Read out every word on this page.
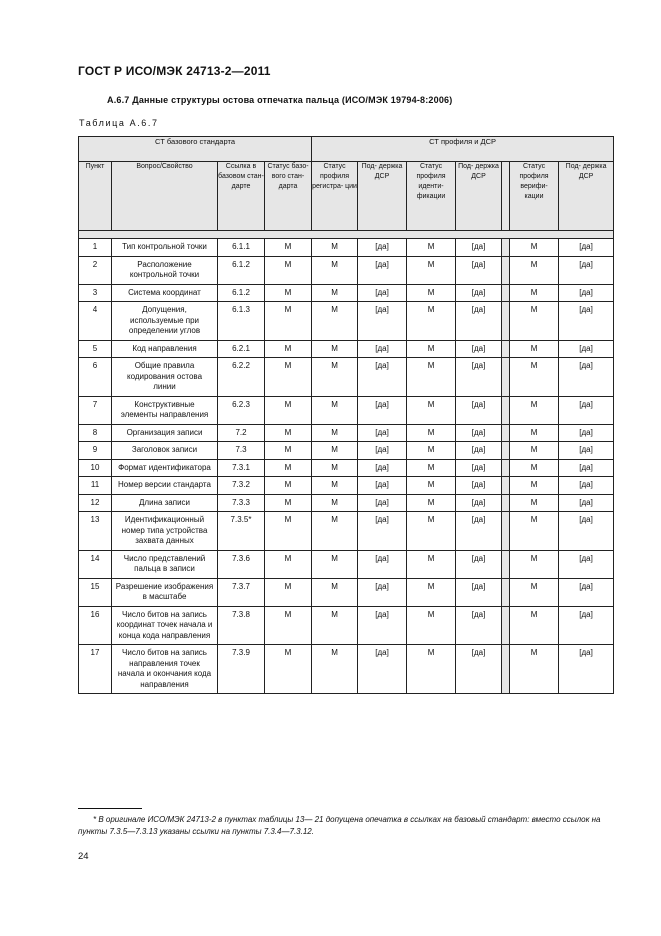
ГОСТ Р ИСО/МЭК 24713-2—2011
А.6.7 Данные структуры остова отпечатка пальца (ИСО/МЭК 19794-8:2006)
Таблица А.6.7
СТ базового стандарта				СТ профиля и ДСР						
Пункт	Вопрос/Свойство	Ссылка в базовом стан- дарте	Статус базо- вого стан- дарта	Статус профиля регистра- ции	Под- держка ДСР	Статус профиля иденти- фикации	Под- держка ДСР		Статус профиля верифи- кации	Под- держка ДСР

1	Тип контрольной точки	6.1.1	M	M	[да]	M	[да]		M	[да]
2	Расположение контрольной точки	6.1.2	M	M	[да]	M	[да]		M	[да]
3	Система координат	6.1.2	M	M	[да]	M	[да]		M	[да]
4	Допущения, используемые при определении углов	6.1.3	M	M	[да]	M	[да]		M	[да]
5	Код направления	6.2.1	M	M	[да]	M	[да]		M	[да]
6	Общие правила кодирования остова линии	6.2.2	M	M	[да]	M	[да]		M	[да]
7	Конструктивные элементы направления	6.2.3	M	M	[да]	M	[да]		M	[да]
8	Организация записи	7.2	M	M	[да]	M	[да]		M	[да]
9	Заголовок записи	7.3	M	M	[да]	M	[да]		M	[да]
10	Формат идентификатора	7.3.1	M	M	[да]	M	[да]		M	[да]
11	Номер версии стандарта	7.3.2	M	M	[да]	M	[да]		M	[да]
12	Длина записи	7.3.3	M	M	[да]	M	[да]		M	[да]
13	Идентификационный номер типа устройства захвата данных	7.3.5*	M	M	[да]	M	[да]		M	[да]
14	Число представлений пальца в записи	7.3.6	M	M	[да]	M	[да]		M	[да]
15	Разрешение изображения в масштабе	7.3.7	M	M	[да]	M	[да]		M	[да]
16	Число битов на запись координат точек начала и конца кода направления	7.3.8	M	M	[да]	M	[да]		M	[да]
17	Число битов на запись направления точек начала и окончания кода направления	7.3.9	M	M	[да]	M	[да]		M	[да]
* В оригинале ИСО/МЭК 24713-2 в пунктах таблицы 13— 21 допущена опечатка в ссылках на базовый стандарт: вместо ссылок на пункты 7.3.5—7.3.13 указаны ссылки на пункты 7.3.4—7.3.12.
24
